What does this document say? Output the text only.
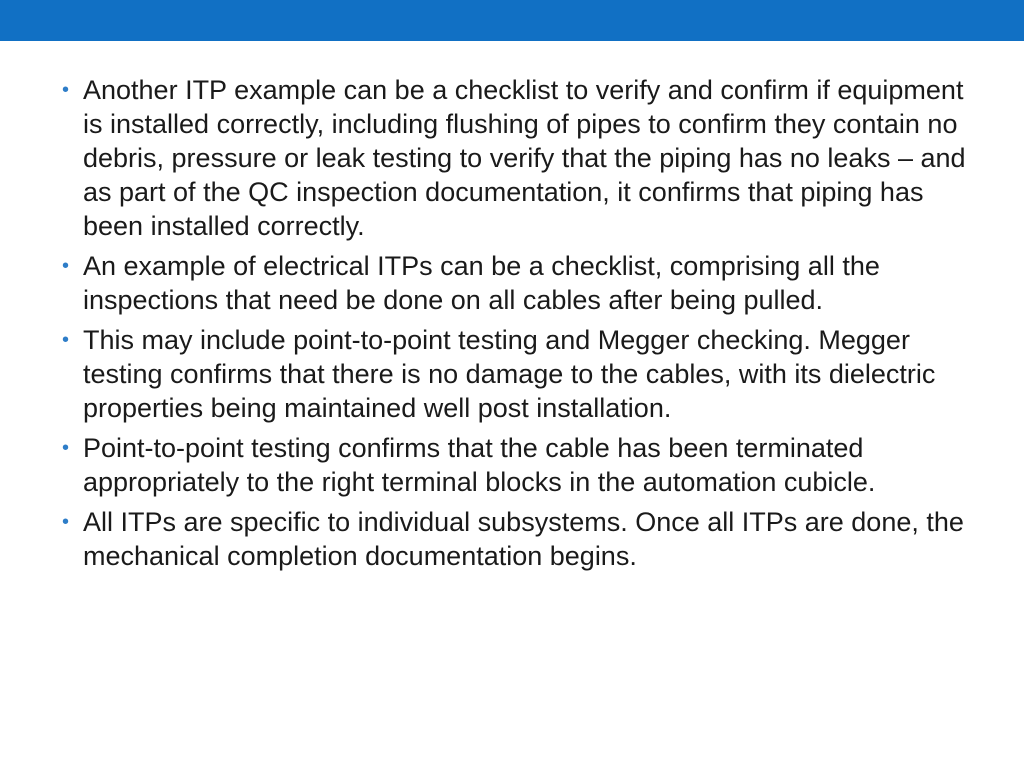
• Another ITP example can be a checklist to verify and confirm if equipment is installed correctly, including flushing of pipes to confirm they contain no debris, pressure or leak testing to verify that the piping has no leaks – and as part of the QC inspection documentation, it confirms that piping has been installed correctly.
• An example of electrical ITPs can be a checklist, comprising all the inspections that need be done on all cables after being pulled.
• This may include point-to-point testing and Megger checking. Megger testing confirms that there is no damage to the cables, with its dielectric properties being maintained well post installation.
• Point-to-point testing confirms that the cable has been terminated appropriately to the right terminal blocks in the automation cubicle.
• All ITPs are specific to individual subsystems. Once all ITPs are done, the mechanical completion documentation begins.
